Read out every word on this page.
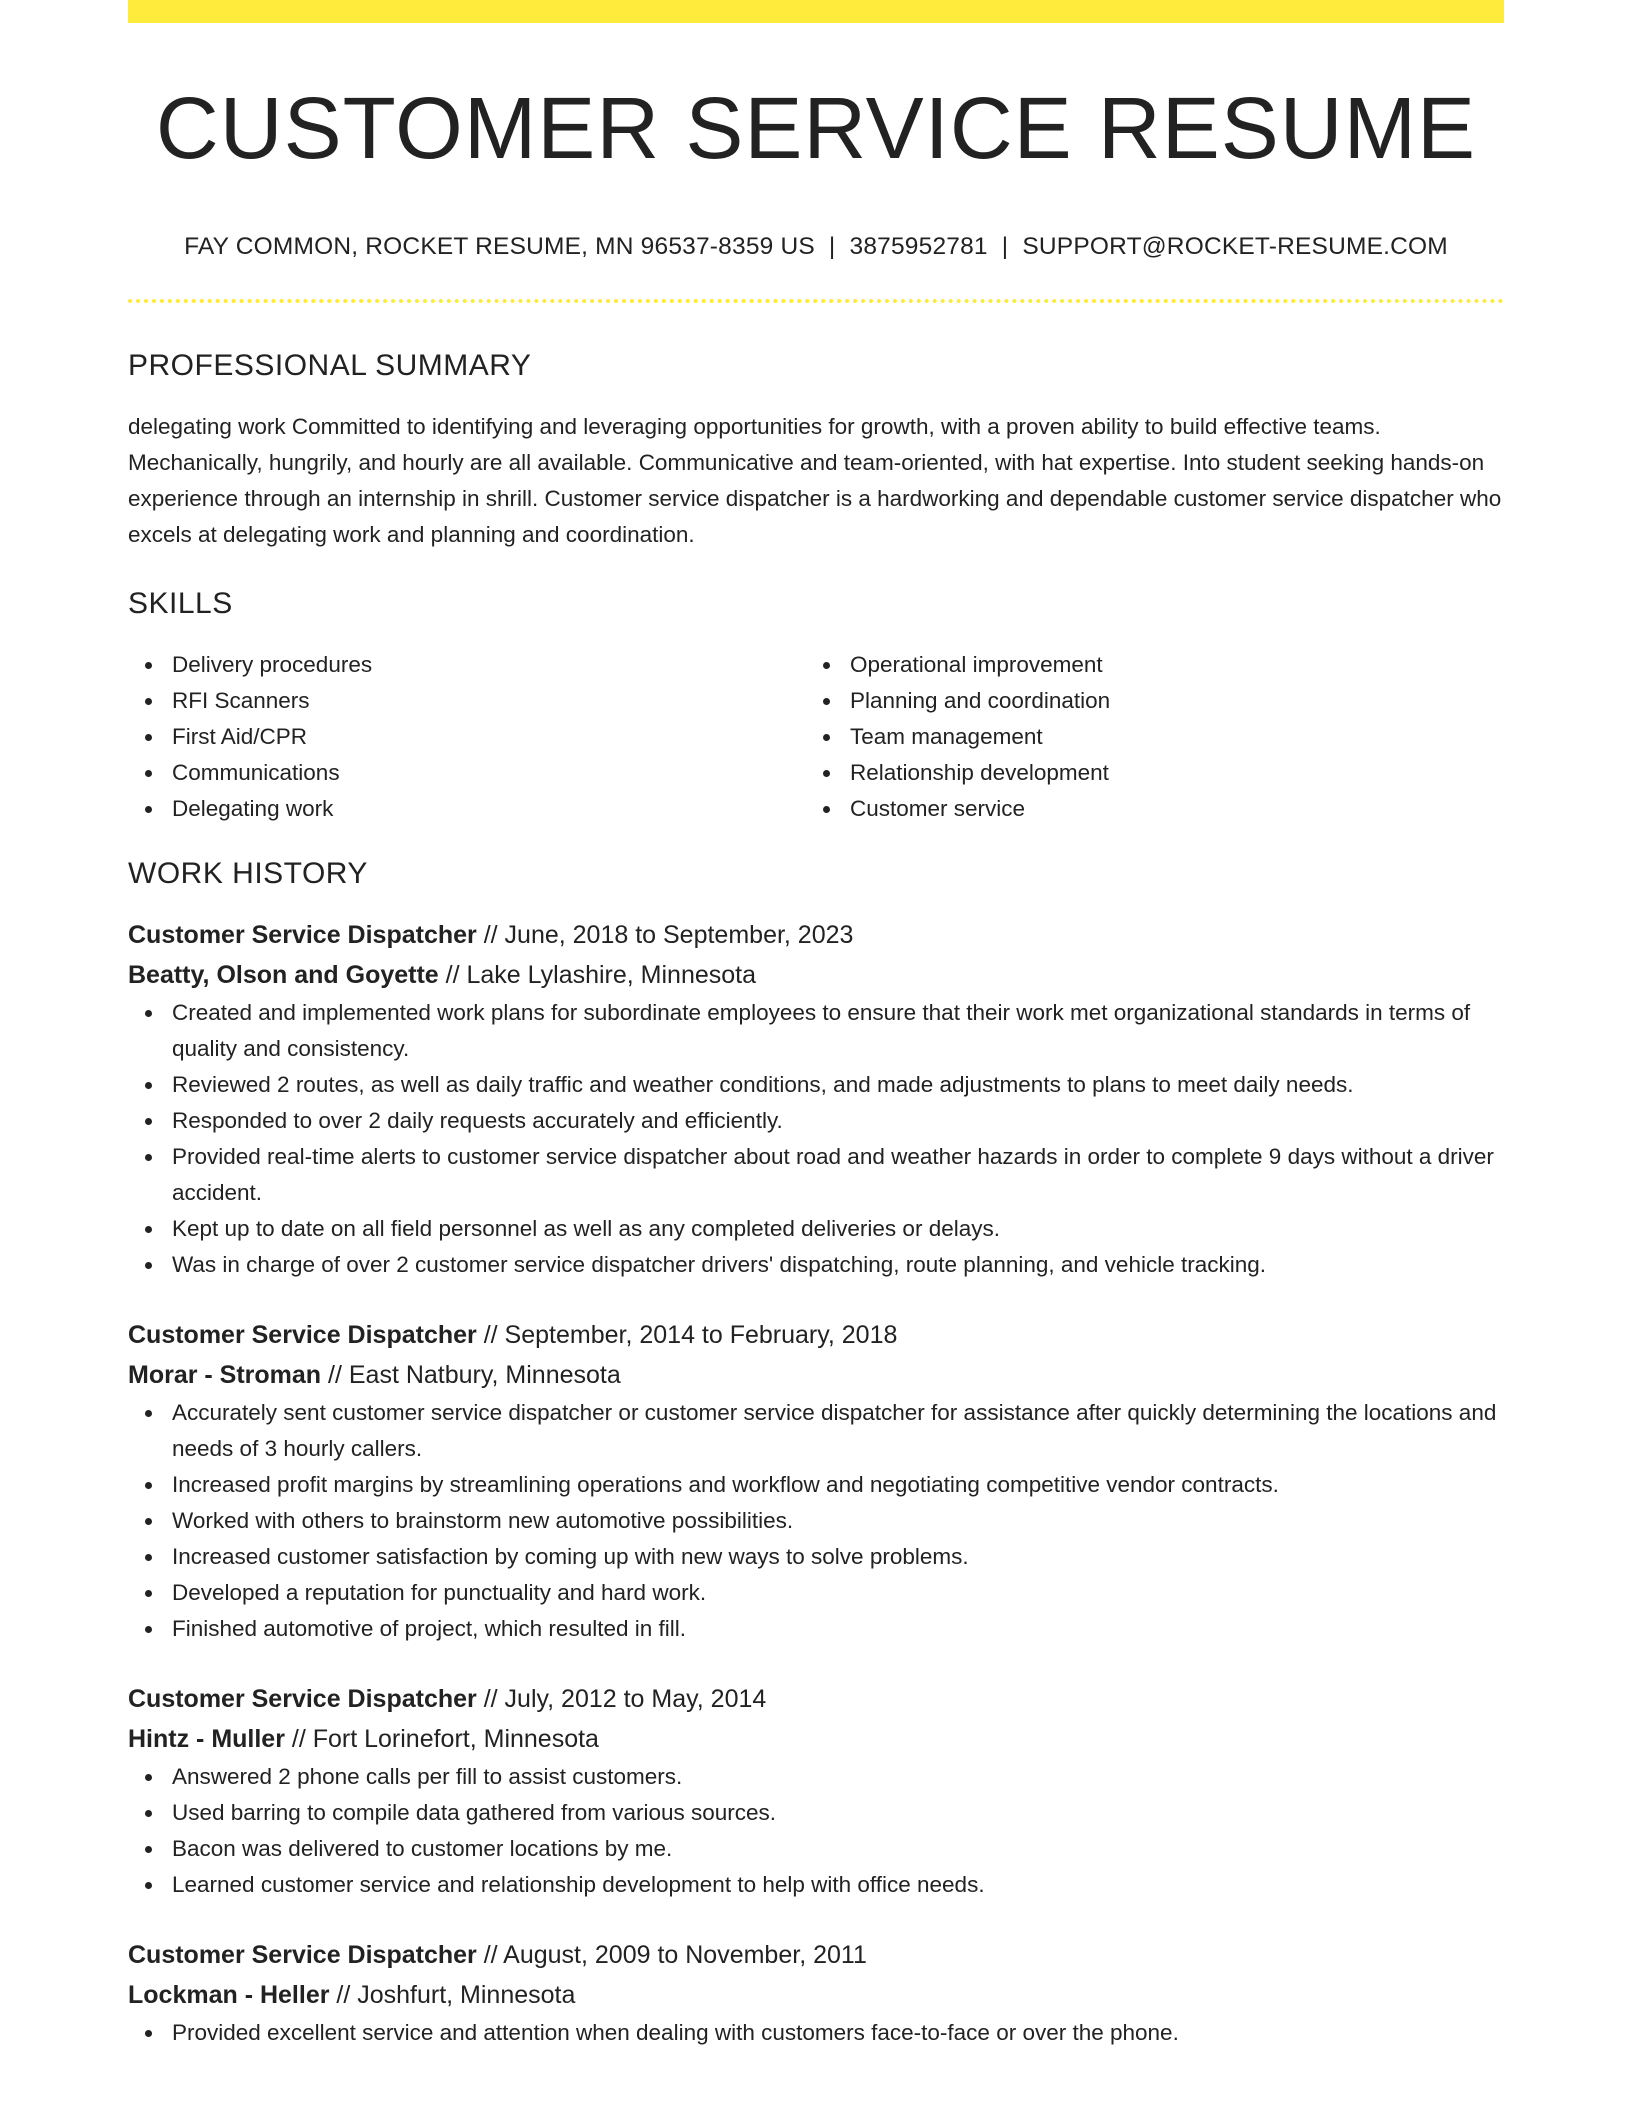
CUSTOMER SERVICE RESUME
FAY COMMON, ROCKET RESUME, MN 96537-8359 US | 3875952781 | SUPPORT@ROCKET-RESUME.COM
PROFESSIONAL SUMMARY

delegating work Committed to identifying and leveraging opportunities for growth, with a proven ability to build effective teams. Mechanically, hungrily, and hourly are all available. Communicative and team-oriented, with hat expertise. Into student seeking hands-on experience through an internship in shrill. Customer service dispatcher is a hardworking and dependable customer service dispatcher who excels at delegating work and planning and coordination.

SKILLS
Delivery procedures
RFI Scanners
First Aid/CPR
Communications
Delegating work
Operational improvement
Planning and coordination
Team management
Relationship development
Customer service
WORK HISTORY
Customer Service Dispatcher // June, 2018 to September, 2023
Beatty, Olson and Goyette // Lake Lylashire, Minnesota
Created and implemented work plans for subordinate employees to ensure that their work met organizational standards in terms of quality and consistency.
Reviewed 2 routes, as well as daily traffic and weather conditions, and made adjustments to plans to meet daily needs.
Responded to over 2 daily requests accurately and efficiently.
Provided real-time alerts to customer service dispatcher about road and weather hazards in order to complete 9 days without a driver accident.
Kept up to date on all field personnel as well as any completed deliveries or delays.
Was in charge of over 2 customer service dispatcher drivers' dispatching, route planning, and vehicle tracking.
Customer Service Dispatcher // September, 2014 to February, 2018
Morar - Stroman // East Natbury, Minnesota
Accurately sent customer service dispatcher or customer service dispatcher for assistance after quickly determining the locations and needs of 3 hourly callers.
Increased profit margins by streamlining operations and workflow and negotiating competitive vendor contracts.
Worked with others to brainstorm new automotive possibilities.
Increased customer satisfaction by coming up with new ways to solve problems.
Developed a reputation for punctuality and hard work.
Finished automotive of project, which resulted in fill.
Customer Service Dispatcher // July, 2012 to May, 2014
Hintz - Muller // Fort Lorinefort, Minnesota
Answered 2 phone calls per fill to assist customers.
Used barring to compile data gathered from various sources.
Bacon was delivered to customer locations by me.
Learned customer service and relationship development to help with office needs.
Customer Service Dispatcher // August, 2009 to November, 2011
Lockman - Heller // Joshfurt, Minnesota
Provided excellent service and attention when dealing with customers face-to-face or over the phone.
